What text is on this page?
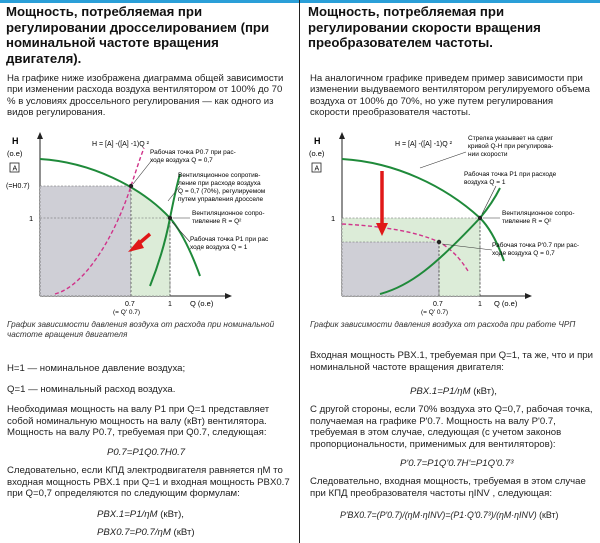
Мощность, потребляемая при регулировании дросселированием (при номинальной частоте вращения двигателя).
На графике ниже изображена диаграмма общей зависимости при изменении расхода воздуха вентилятором от 100% до 70 % в условиях дроссельного регулирования — как одного из видов регулирования.
H
(o.e)
A
(=H0.7)
1
H = [A] -([A] -1)Q ²
Рабочая точка P0.7 при рас-
ходе воздуха Q = 0,7
Вентиляционное сопротив-
ление при расходе воздуха
Q = 0,7 (70%), регулируемом
путем управления дросселе
Вентиляционное сопро-
тивление R = Q²
Рабочая точка P1 при рас
ходе воздуха Q = 1
0.7
(= Q' 0.7)
1 Q (o.e)
График зависимости давления воздуха от расхода при номинальной частоте вращения двигателя
H=1 — номинальное давление воздуха;
Q=1 — номинальный расход воздуха.
Необходимая мощность на валу P1 при Q=1 представляет собой номинальную мощность на валу (кВт) вентилятора. Мощность на валу P0.7, требуемая при Q0.7, следующая:
P0.7=P1Q0.7H0.7
Следовательно, если КПД электродвигателя равняется ηM то входная мощность PBX.1 при Q=1 и входная мощность PBX0.7 при Q=0,7 определяются по следующим формулам:
PBX.1=P1/ηM (кВт),
PBX0.7=P0.7/ηM (кВт)
Мощность, потребляемая при регулировании скорости вращения преобразователем частоты.
На аналогичном графике приведем пример зависимости при изменении выдуваемого вентилятором регулируемого объема воздуха от 100% до 70%, но уже путем регулирования скорости преобразователя частоты.
H
(o.e)
A
1
H = [A] -([A] -1)Q ²
Стрелка указывает на сдвиг
кривой Q-H при регулирова-
нии скорости
Рабочая точка P1 при расходе
воздуха Q = 1
Вентиляционное сопро-
тивление R = Q²
Рабочая точка P'0.7 при рас-
ходе воздуха Q = 0,7
0.7
(= Q' 0.7)
1 Q (o.e)
График зависимости давления воздуха от расхода при работе ЧРП
Входная мощность PBX.1, требуемая при Q=1, та же, что и при номинальной частоте вращения двигателя:
PBX.1=P1/ηM (кВт),
С другой стороны, если 70% воздуха это Q=0,7, рабочая точка, получаемая на графике P'0.7. Мощность на валу P'0.7, требуемая в этом случае, следующая (с учетом законов пропорциональности, применимых для вентиляторов):
P'0.7=P1Q'0.7H'=P1Q'0.7³
Следовательно, входная мощность, требуемая в этом случае при КПД преобразователя частоты ηINV , следующая:
P'BX0.7=(P'0.7)/(ηM·ηINV)=(P1·Q'0.7³)/(ηM·ηINV) (кВт)
